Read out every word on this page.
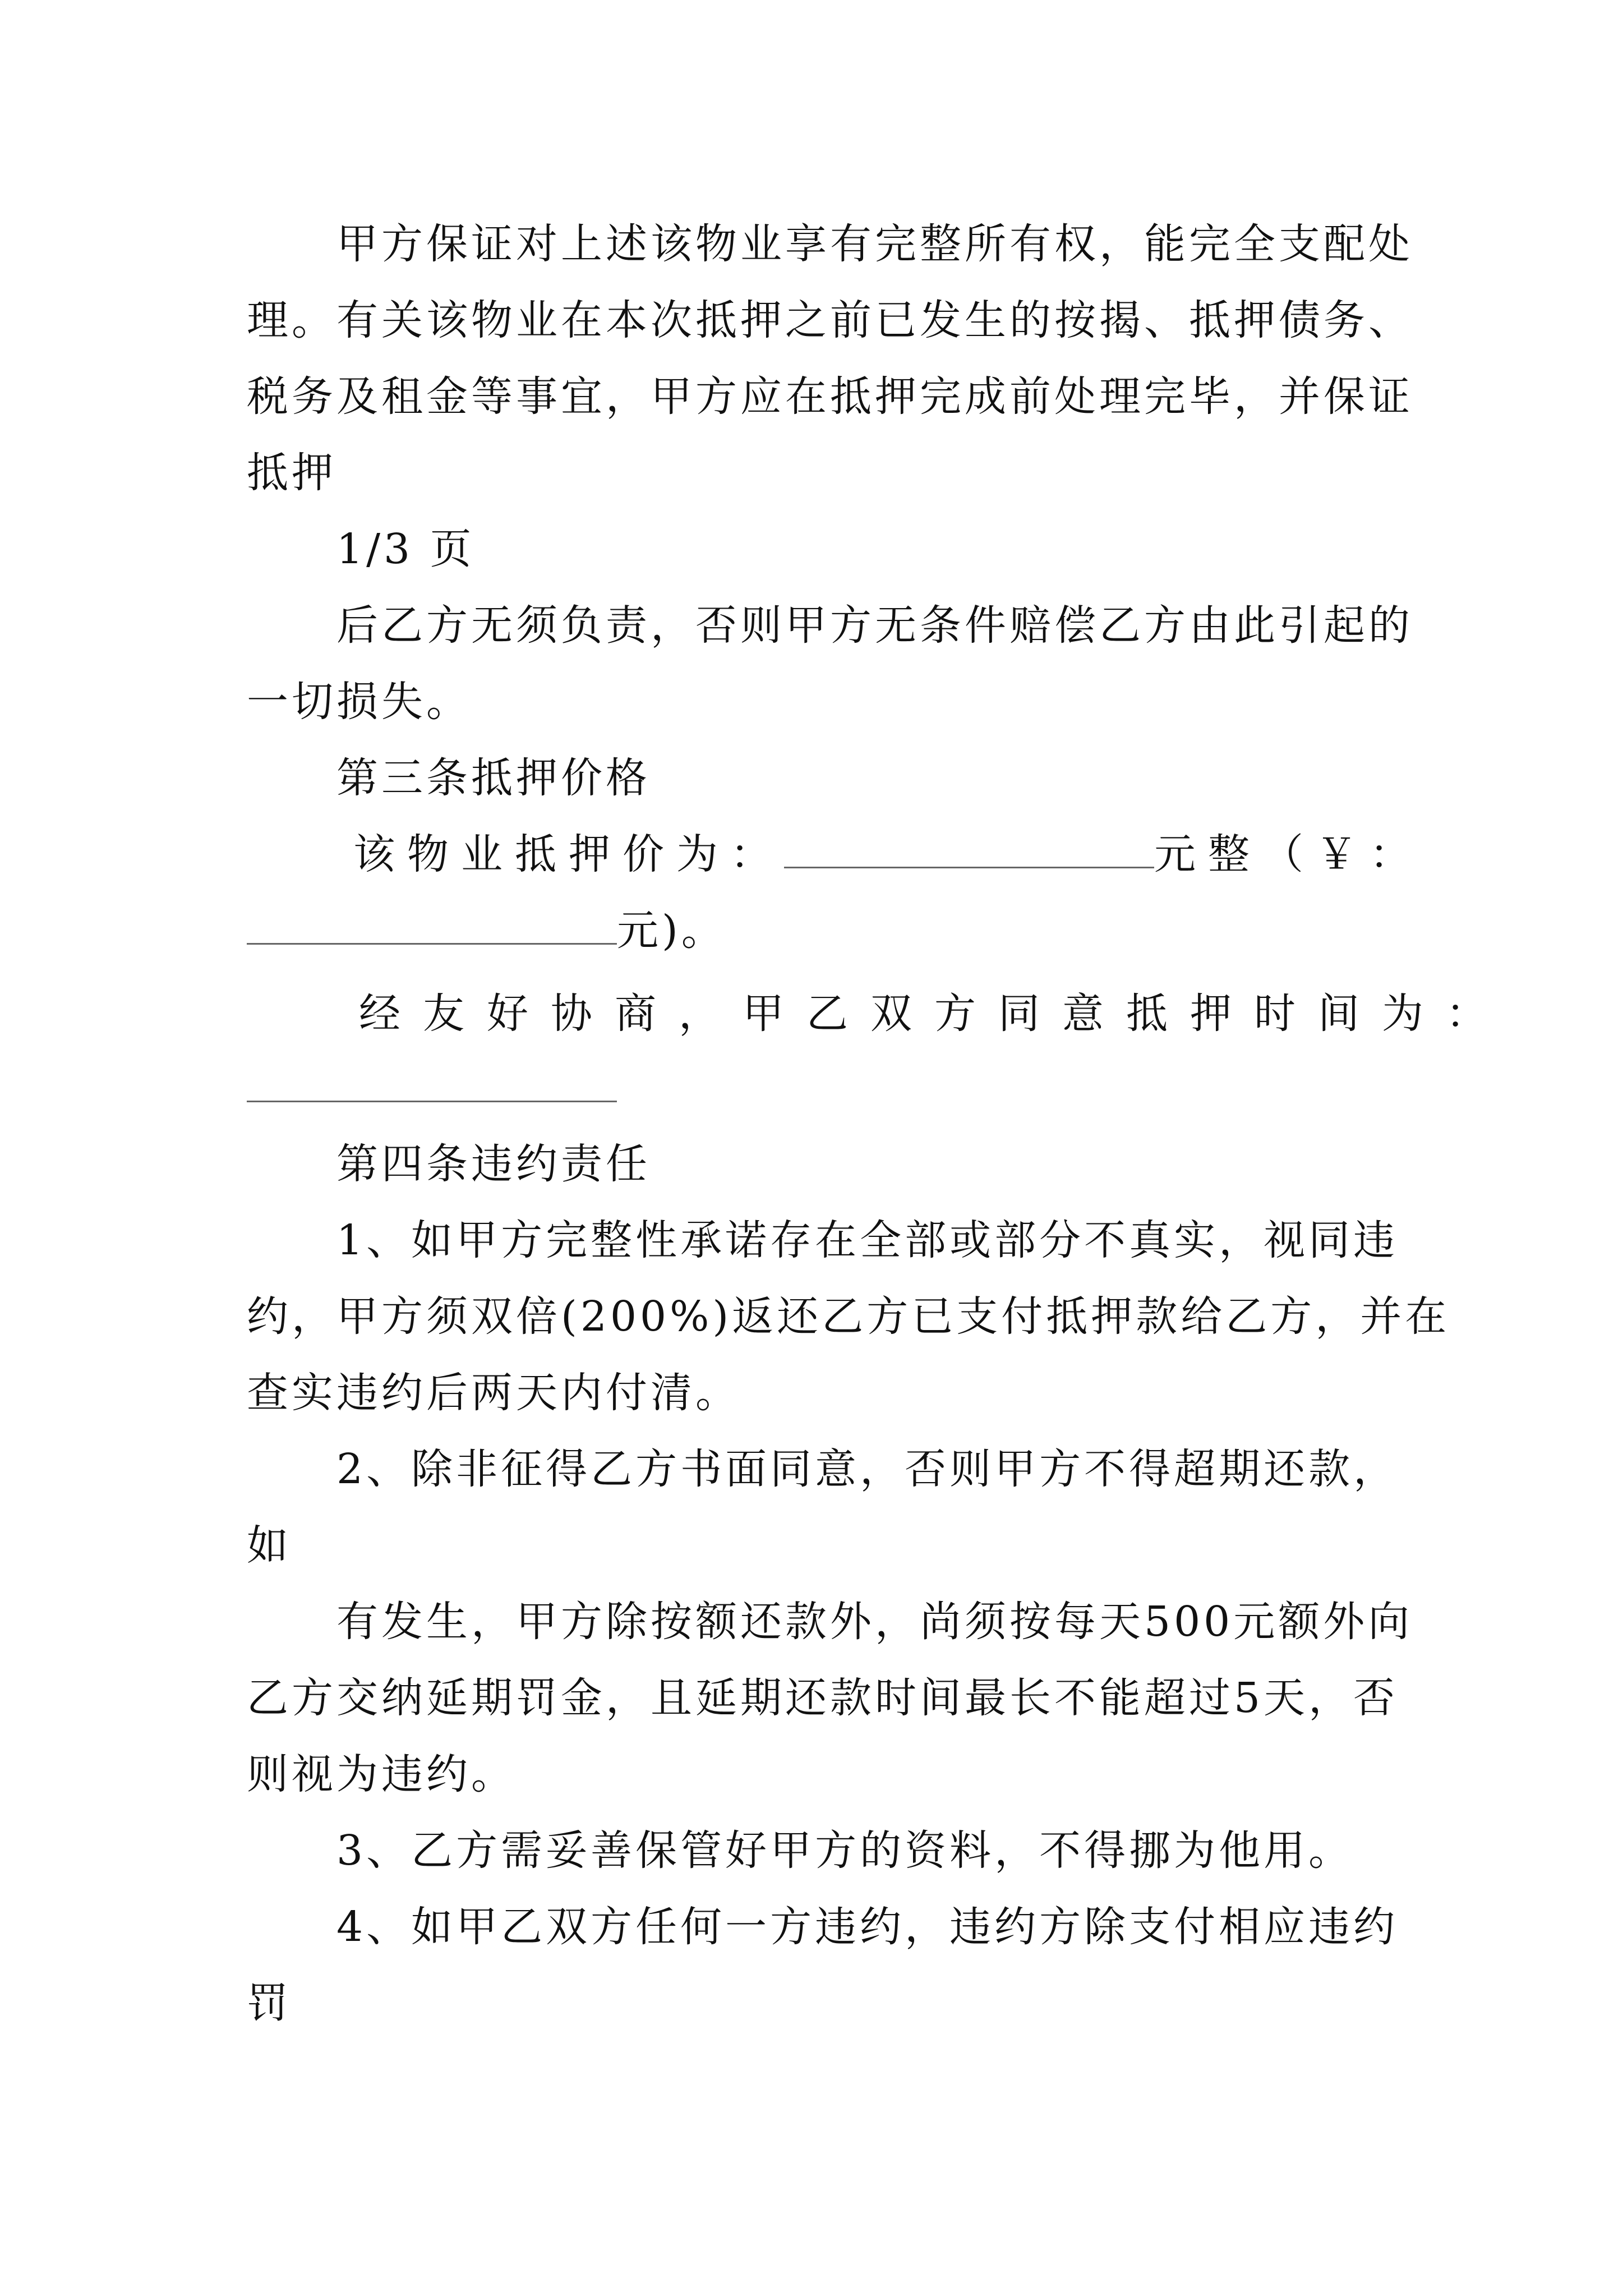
甲方保证对上述该物业享有完整所有权，能完全支配处
理。有关该物业在本次抵押之前已发生的按揭、抵押债务、
税务及租金等事宜，甲方应在抵押完成前处理完毕，并保证
抵押
1/3 页
后乙方无须负责，否则甲方无条件赔偿乙方由此引起的
一切损失。
第三条抵押价格
该物业抵押价为：	元整（￥：
元)。
经友好协商，甲乙双方同意抵押时间为：
第四条违约责任
1、如甲方完整性承诺存在全部或部分不真实，视同违
约，甲方须双倍(200%)返还乙方已支付抵押款给乙方，并在
查实违约后两天内付清。
2、除非征得乙方书面同意，否则甲方不得超期还款，
如
有发生，甲方除按额还款外，尚须按每天500元额外向
乙方交纳延期罚金，且延期还款时间最长不能超过5天，否
则视为违约。
3、乙方需妥善保管好甲方的资料，不得挪为他用。
4、如甲乙双方任何一方违约，违约方除支付相应违约
罚
